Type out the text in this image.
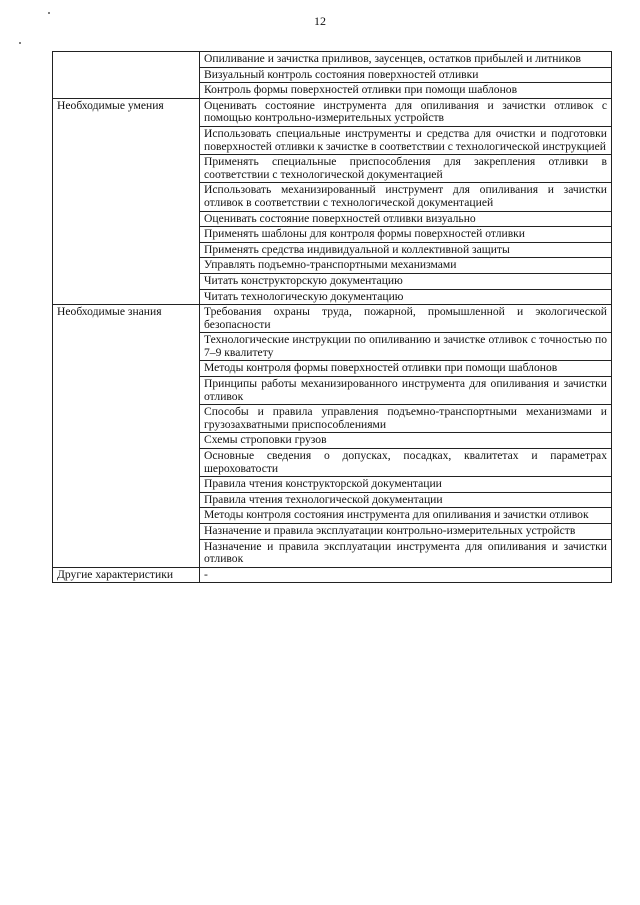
12
	Опиливание и зачистка приливов, заусенцев, остатков прибылей и литников
	Визуальный контроль состояния поверхностей отливки
	Контроль формы поверхностей отливки при помощи шаблонов
Необходимые умения	Оценивать состояние инструмента для опиливания и зачистки отливок с помощью контрольно-измерительных устройств
	Использовать специальные инструменты и средства для очистки и подготовки поверхностей отливки к зачистке в соответствии с технологической инструкцией
	Применять специальные приспособления для закрепления отливки в соответствии с технологической документацией
	Использовать механизированный инструмент для опиливания и зачистки отливок в соответствии с технологической документацией
	Оценивать состояние поверхностей отливки визуально
	Применять шаблоны для контроля формы поверхностей отливки
	Применять средства индивидуальной и коллективной защиты
	Управлять подъемно-транспортными механизмами
	Читать конструкторскую документацию
	Читать технологическую документацию
Необходимые знания	Требования охраны труда, пожарной, промышленной и экологической безопасности
	Технологические инструкции по опиливанию и зачистке отливок с точностью по 7–9 квалитету
	Методы контроля формы поверхностей отливки при помощи шаблонов
	Принципы работы механизированного инструмента для опиливания и зачистки отливок
	Способы и правила управления подъемно-транспортными механизмами и грузозахватными приспособлениями
	Схемы строповки грузов
	Основные сведения о допусках, посадках, квалитетах и параметрах шероховатости
	Правила чтения конструкторской документации
	Правила чтения технологической документации
	Методы контроля состояния инструмента для опиливания и зачистки отливок
	Назначение и правила эксплуатации контрольно-измерительных устройств
	Назначение и правила эксплуатации инструмента для опиливания и зачистки отливок
Другие характеристики	-
